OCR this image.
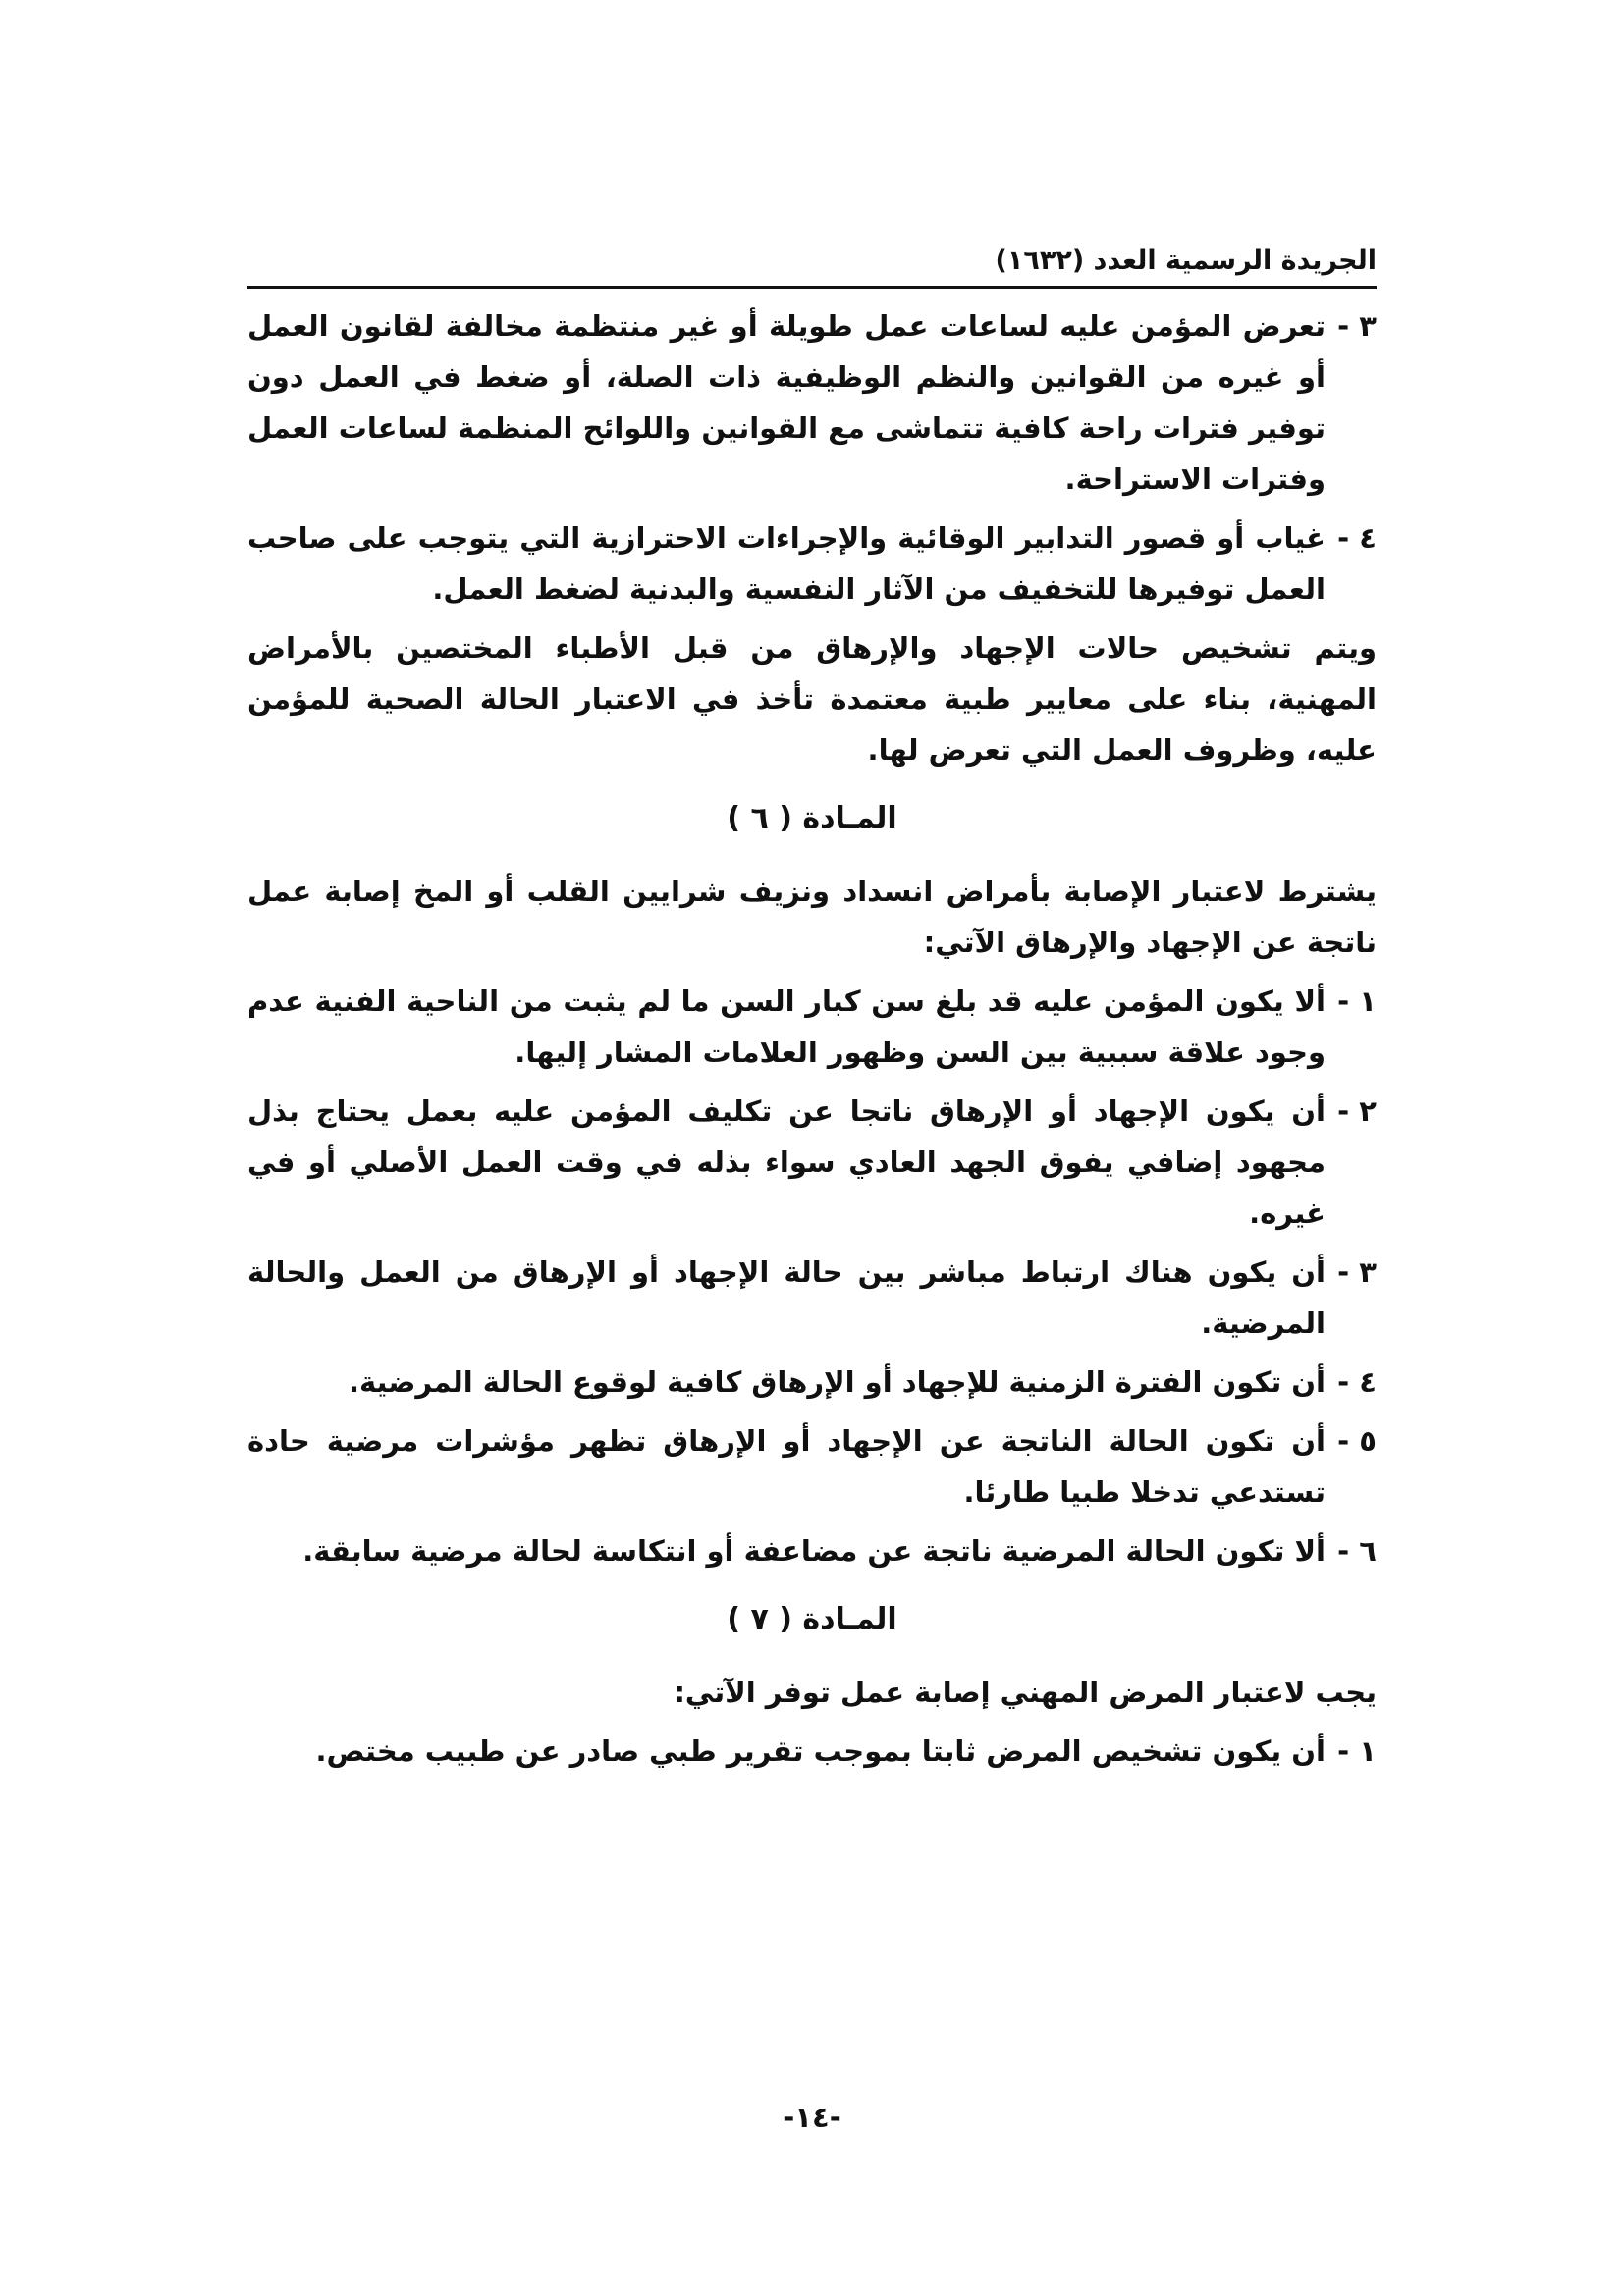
الجريدة الرسمية العدد (١٦٣٢)
٣ -
تعرض المؤمن عليه لساعات عمل طويلة أو غير منتظمة مخالفة لقانون العمل أو غيره من القوانين والنظم الوظيفية ذات الصلة، أو ضغط في العمل دون توفير فترات راحة كافية تتماشى مع القوانين واللوائح المنظمة لساعات العمل وفترات الاستراحة.
٤ -
غياب أو قصور التدابير الوقائية والإجراءات الاحترازية التي يتوجب على صاحب العمل توفيرها للتخفيف من الآثار النفسية والبدنية لضغط العمل.
ويتم تشخيص حالات الإجهاد والإرهاق من قبل الأطباء المختصين بالأمراض المهنية، بناء على معايير طبية معتمدة تأخذ في الاعتبار الحالة الصحية للمؤمن عليه، وظروف العمل التي تعرض لها.
المـادة ( ٦ )
يشترط لاعتبار الإصابة بأمراض انسداد ونزيف شرايين القلب أو المخ إصابة عمل ناتجة عن الإجهاد والإرهاق الآتي:
١ -
ألا يكون المؤمن عليه قد بلغ سن كبار السن ما لم يثبت من الناحية الفنية عدم وجود علاقة سببية بين السن وظهور العلامات المشار إليها.
٢ -
أن يكون الإجهاد أو الإرهاق ناتجا عن تكليف المؤمن عليه بعمل يحتاج بذل مجهود إضافي يفوق الجهد العادي سواء بذله في وقت العمل الأصلي أو في غيره.
٣ -
أن يكون هناك ارتباط مباشر بين حالة الإجهاد أو الإرهاق من العمل والحالة المرضية.
٤ -
أن تكون الفترة الزمنية للإجهاد أو الإرهاق كافية لوقوع الحالة المرضية.
٥ -
أن تكون الحالة الناتجة عن الإجهاد أو الإرهاق تظهر مؤشرات مرضية حادة تستدعي تدخلا طبيا طارئا.
٦ -
ألا تكون الحالة المرضية ناتجة عن مضاعفة أو انتكاسة لحالة مرضية سابقة.
المـادة ( ٧ )
يجب لاعتبار المرض المهني إصابة عمل توفر الآتي:
١ -
أن يكون تشخيص المرض ثابتا بموجب تقرير طبي صادر عن طبيب مختص.
-١٤-
